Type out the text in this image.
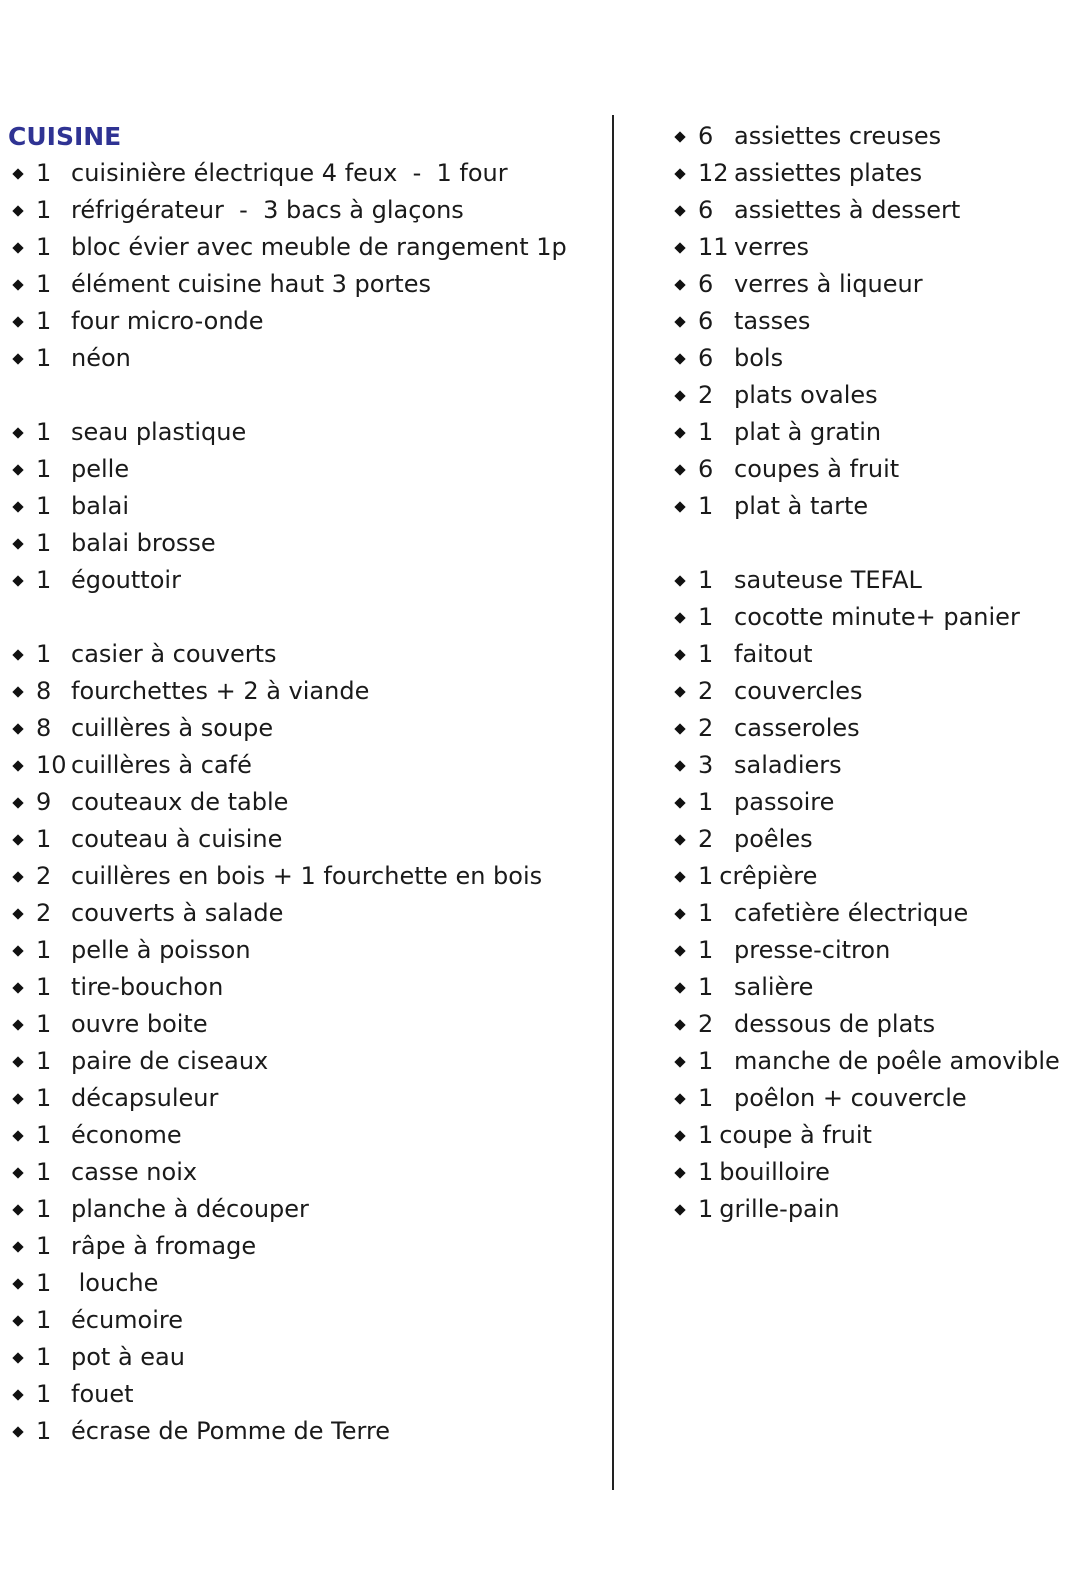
CUISINE
1 cuisinière électrique 4 feux  -  1 four
1 réfrigérateur  -  3 bacs à glaçons
1 bloc évier avec meuble de rangement 1p
1 élément cuisine haut 3 portes
1 four micro-onde
1 néon
1 seau plastique
1 pelle
1 balai
1 balai brosse
1 égouttoir
1 casier à couverts
8 fourchettes + 2 à viande
8 cuillères à soupe
10 cuillères à café
9 couteaux de table
1 couteau à cuisine
2 cuillères en bois + 1 fourchette en bois
2 couverts à salade
1 pelle à poisson
1 tire-bouchon
1 ouvre boite
1 paire de ciseaux
1 décapsuleur
1 économe
1 casse noix
1 planche à découper
1 râpe à fromage
1 louche
1 écumoire
1 pot à eau
1 fouet
1 écrase de Pomme de Terre
6 assiettes creuses
12 assiettes plates
6 assiettes à dessert
11 verres
6 verres à liqueur
6 tasses
6 bols
2 plats ovales
1 plat à gratin
6 coupes à fruit
1 plat à tarte
1 sauteuse TEFAL
1 cocotte minute+ panier
1 faitout
2 couvercles
2 casseroles
3 saladiers
1 passoire
2 poêles
1 crêpière
1 cafetière électrique
1 presse-citron
1 salière
2 dessous de plats
1 manche de poêle amovible
1 poêlon + couvercle
1 coupe à fruit
1 bouilloire
1 grille-pain
